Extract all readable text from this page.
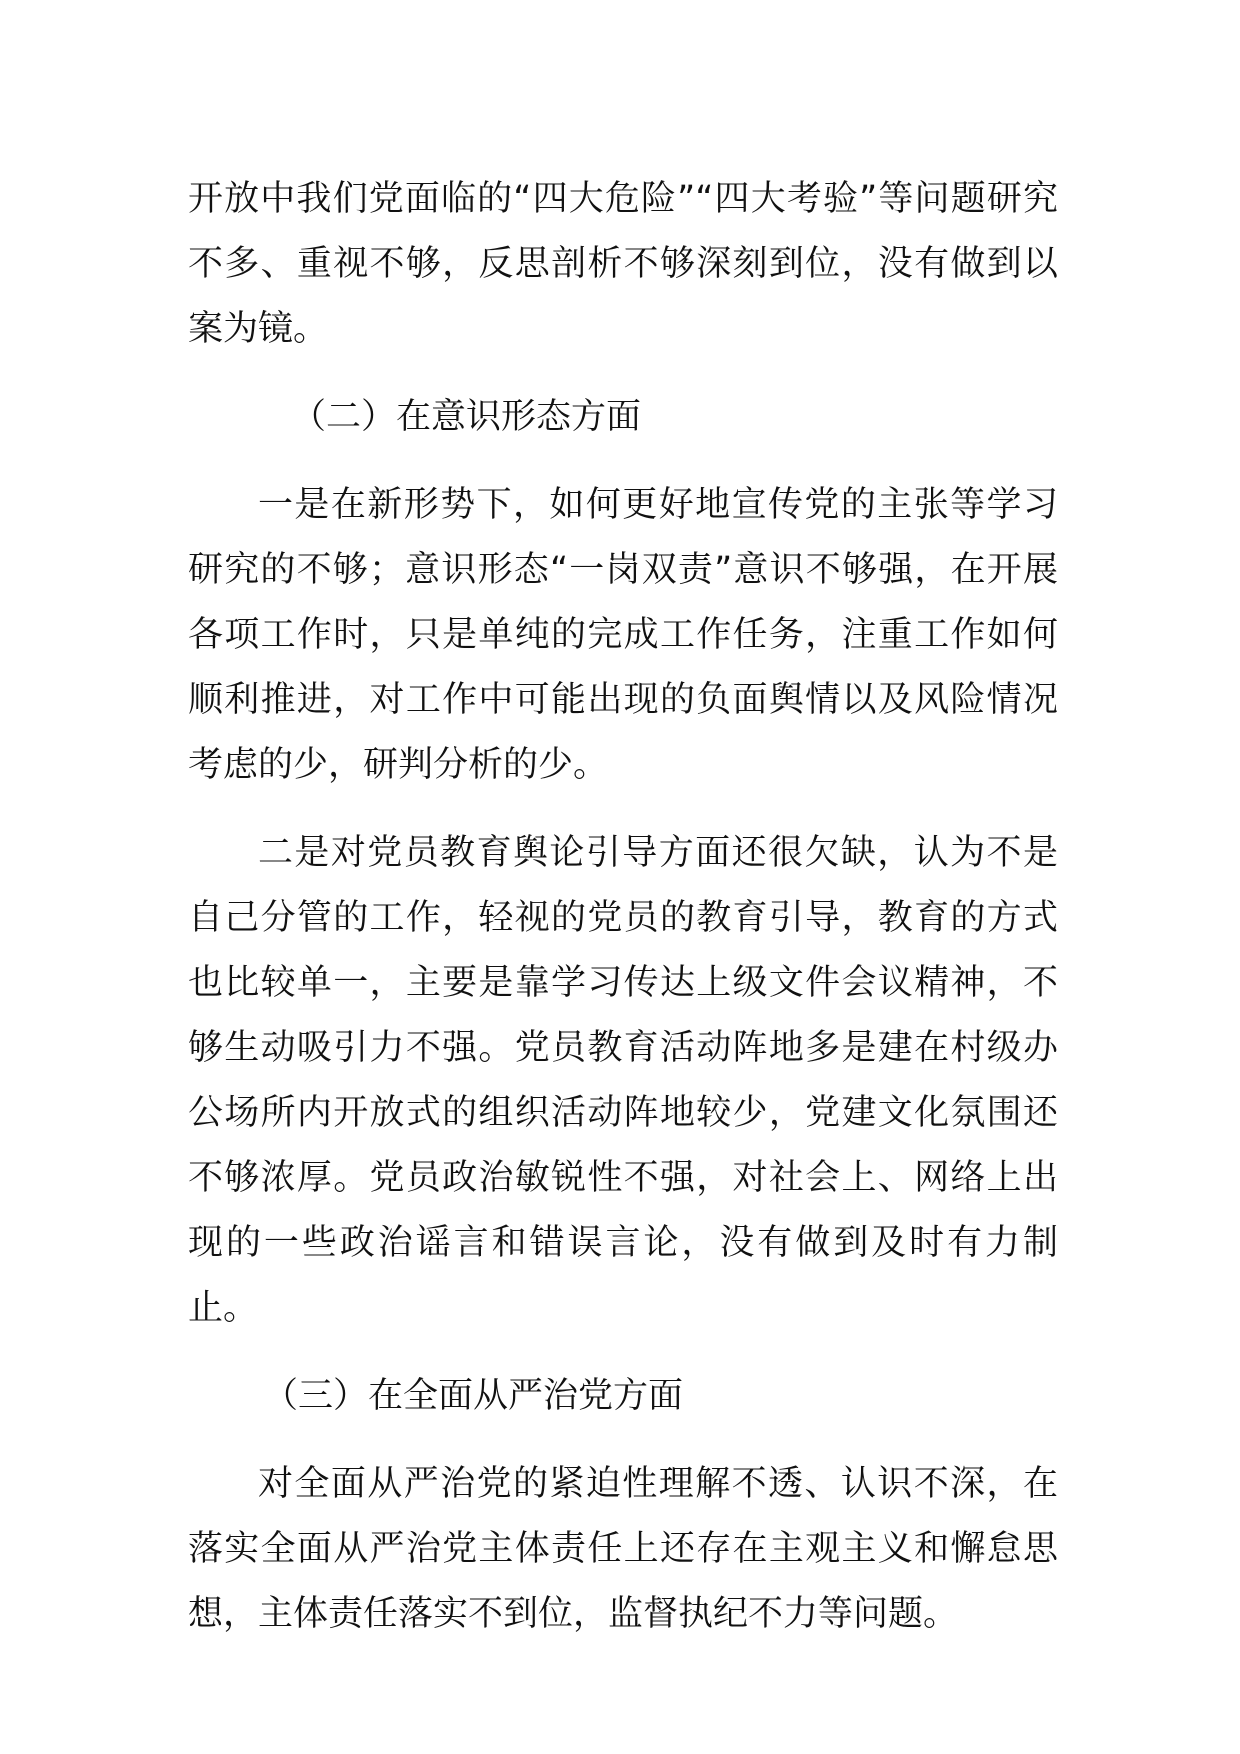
开放中我们党面临的“四大危险”“四大考验”等问题研究不多、重视不够，反思剖析不够深刻到位，没有做到以案为镜。

（二）在意识形态方面

一是在新形势下，如何更好地宣传党的主张等学习研究的不够；意识形态“一岗双责”意识不够强，在开展各项工作时，只是单纯的完成工作任务，注重工作如何顺利推进，对工作中可能出现的负面舆情以及风险情况考虑的少，研判分析的少。

二是对党员教育舆论引导方面还很欠缺，认为不是自己分管的工作，轻视的党员的教育引导，教育的方式也比较单一，主要是靠学习传达上级文件会议精神，不够生动吸引力不强。党员教育活动阵地多是建在村级办公场所内开放式的组织活动阵地较少，党建文化氛围还不够浓厚。党员政治敏锐性不强，对社会上、网络上出现的一些政治谣言和错误言论，没有做到及时有力制止。

（三）在全面从严治党方面

对全面从严治党的紧迫性理解不透、认识不深，在落实全面从严治党主体责任上还存在主观主义和懈怠思想，主体责任落实不到位，监督执纪不力等问题。
